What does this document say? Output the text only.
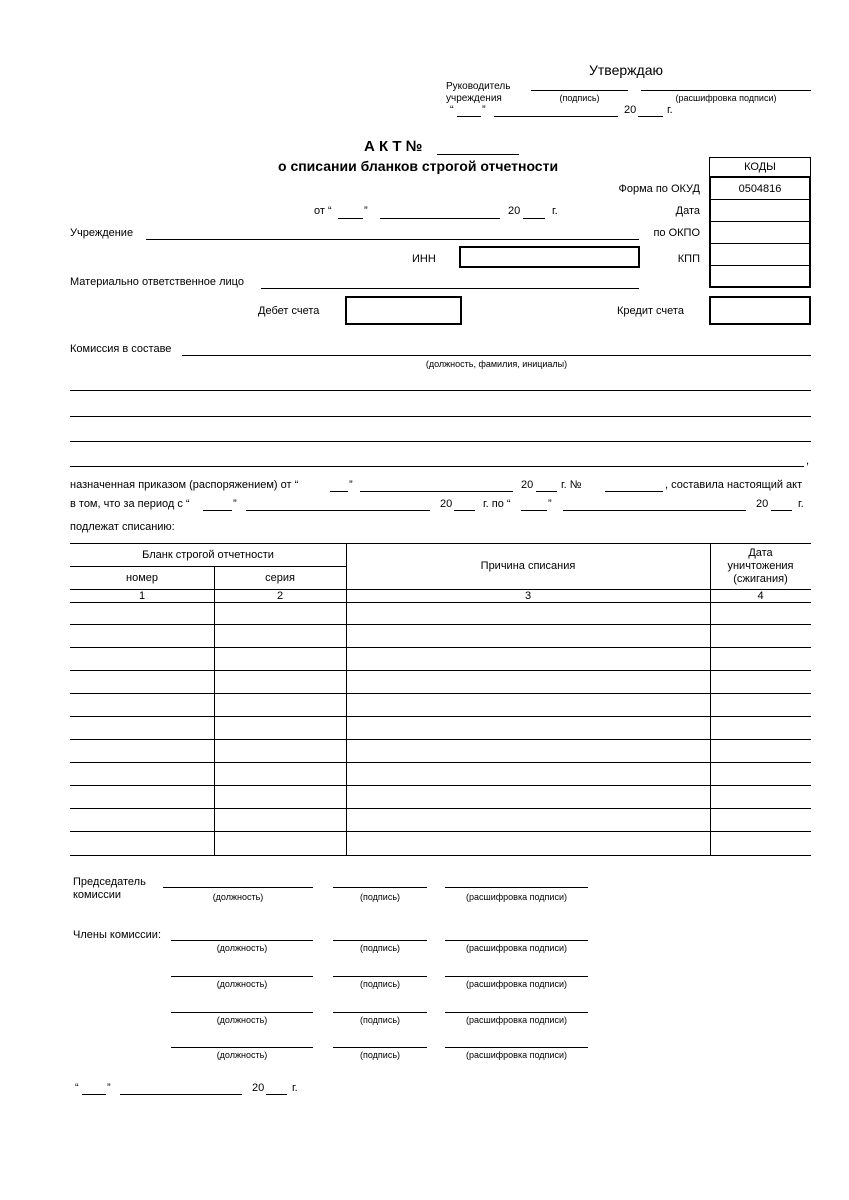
Утверждаю
Руководитель
учреждения	(подпись)	(расшифровка подписи)
“	”	20	г.
А К Т №
о списании бланков строгой отчетности	КОДЫ
0504816
Форма по ОКУД
Дата
по ОКПО
КПП
от “	”	20	г.
Учреждение
ИНН
Материально ответственное лицо
Дебет счета	Кредит счета
Комиссия в составе
(должность, фамилия, инициалы)
,
назначенная приказом (распоряжением) от “	”	20	г. №	, составила настоящий акт
в том, что за период с “	”	20	г. по “	”	20	г.
подлежат списанию:
Бланк строгой отчетности
номер	серия
Причина списания
Дата
уничтожения
(сжигания)
1	2	3	4
Председатель
комиссии	(должность)	(подпись)	(расшифровка подписи)
Члены комиссии:
(должность)	(подпись)	(расшифровка подписи)
(должность)	(подпись)	(расшифровка подписи)
(должность)	(подпись)	(расшифровка подписи)
(должность)	(подпись)	(расшифровка подписи)
“	”	20	г.
